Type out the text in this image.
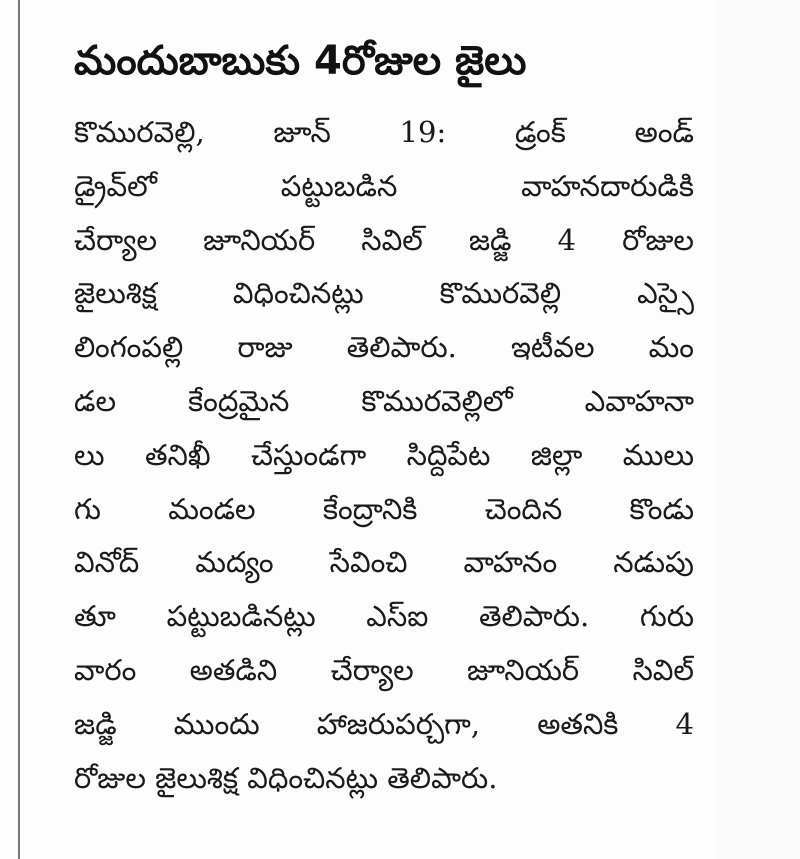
మందుబాబుకు 4రోజుల జైలు
కొమురవెల్లి, జూన్ 19: డ్రంక్ అండ్
డ్రైవ్‌లో పట్టుబడిన వాహనదారుడికి
చేర్యాల జూనియర్ సివిల్ జడ్జి 4 రోజుల
జైలుశిక్ష విధించినట్లు కొమురవెల్లి ఎస్సై
లింగంపల్లి రాజు తెలిపారు. ఇటీవల మం
డల కేంద్రమైన కొమురవెల్లిలో ఎవాహనా
లు తనిఖీ చేస్తుండగా సిద్దిపేట జిల్లా ములు
గు మండల కేంద్రానికి చెందిన కొండు
వినోద్ మద్యం సేవించి వాహనం నడుపు
తూ పట్టుబడినట్లు ఎస్ఐ తెలిపారు. గురు
వారం అతడిని చేర్యాల జూనియర్ సివిల్
జడ్జి ముందు హాజరుపర్చగా, అతనికి 4
రోజుల జైలుశిక్ష విధించినట్లు తెలిపారు.
